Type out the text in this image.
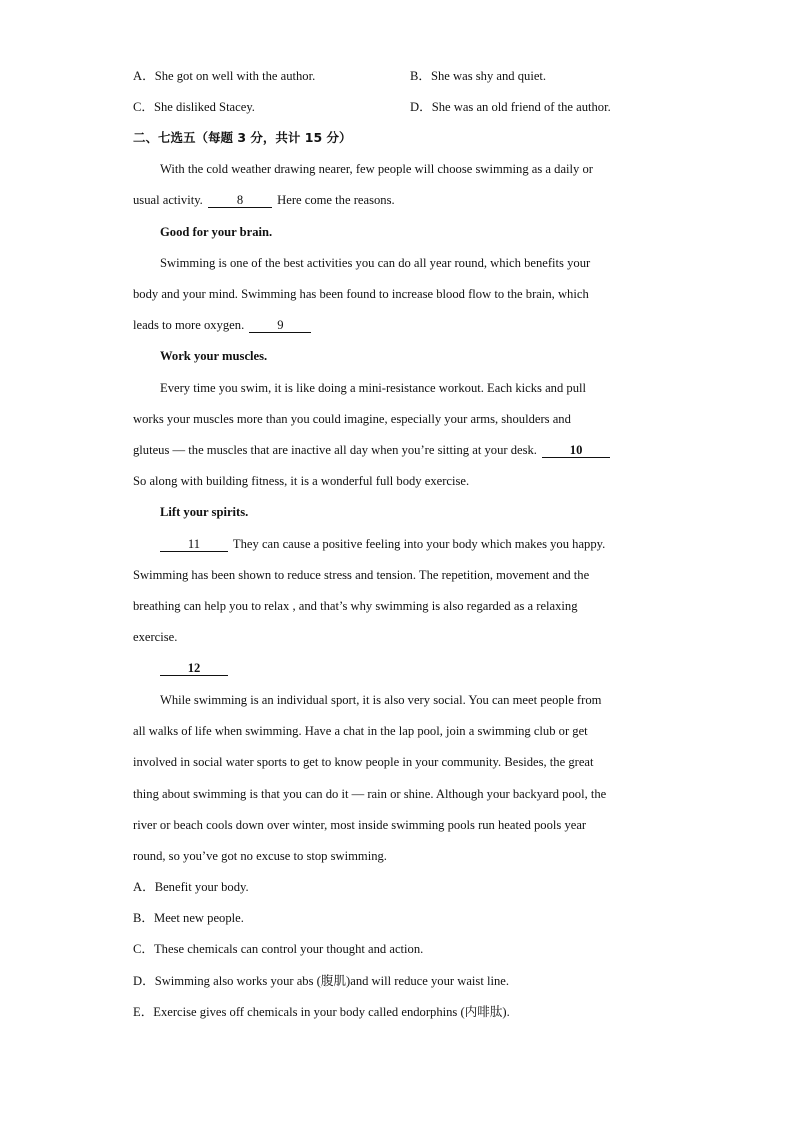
A．She got on well with the author.	B．She was shy and quiet.
C．She disliked Stacey.	D．She was an old friend of the author.
二、七选五（每题 3 分，共计 15 分）
With the cold weather drawing nearer, few people will choose swimming as a daily or
usual activity. 8 Here come the reasons.
Good for your brain.
Swimming is one of the best activities you can do all year round, which benefits your
body and your mind. Swimming has been found to increase blood flow to the brain, which
leads to more oxygen. 9
Work your muscles.
Every time you swim, it is like doing a mini-resistance workout. Each kicks and pull
works your muscles more than you could imagine, especially your arms, shoulders and
gluteus — the muscles that are inactive all day when you’re sitting at your desk. 10
So along with building fitness, it is a wonderful full body exercise.
Lift your spirits.
11 They can cause a positive feeling into your body which makes you happy.
Swimming has been shown to reduce stress and tension. The repetition, movement and the
breathing can help you to relax , and that’s why swimming is also regarded as a relaxing
exercise.
12
While swimming is an individual sport, it is also very social. You can meet people from
all walks of life when swimming. Have a chat in the lap pool, join a swimming club or get
involved in social water sports to get to know people in your community. Besides, the great
thing about swimming is that you can do it — rain or shine. Although your backyard pool, the
river or beach cools down over winter, most inside swimming pools run heated pools year
round, so you’ve got no excuse to stop swimming.
A．Benefit your body.
B．Meet new people.
C．These chemicals can control your thought and action.
D．Swimming also works your abs (腹肌)and will reduce your waist line.
E．Exercise gives off chemicals in your body called endorphins (内啡肽).
